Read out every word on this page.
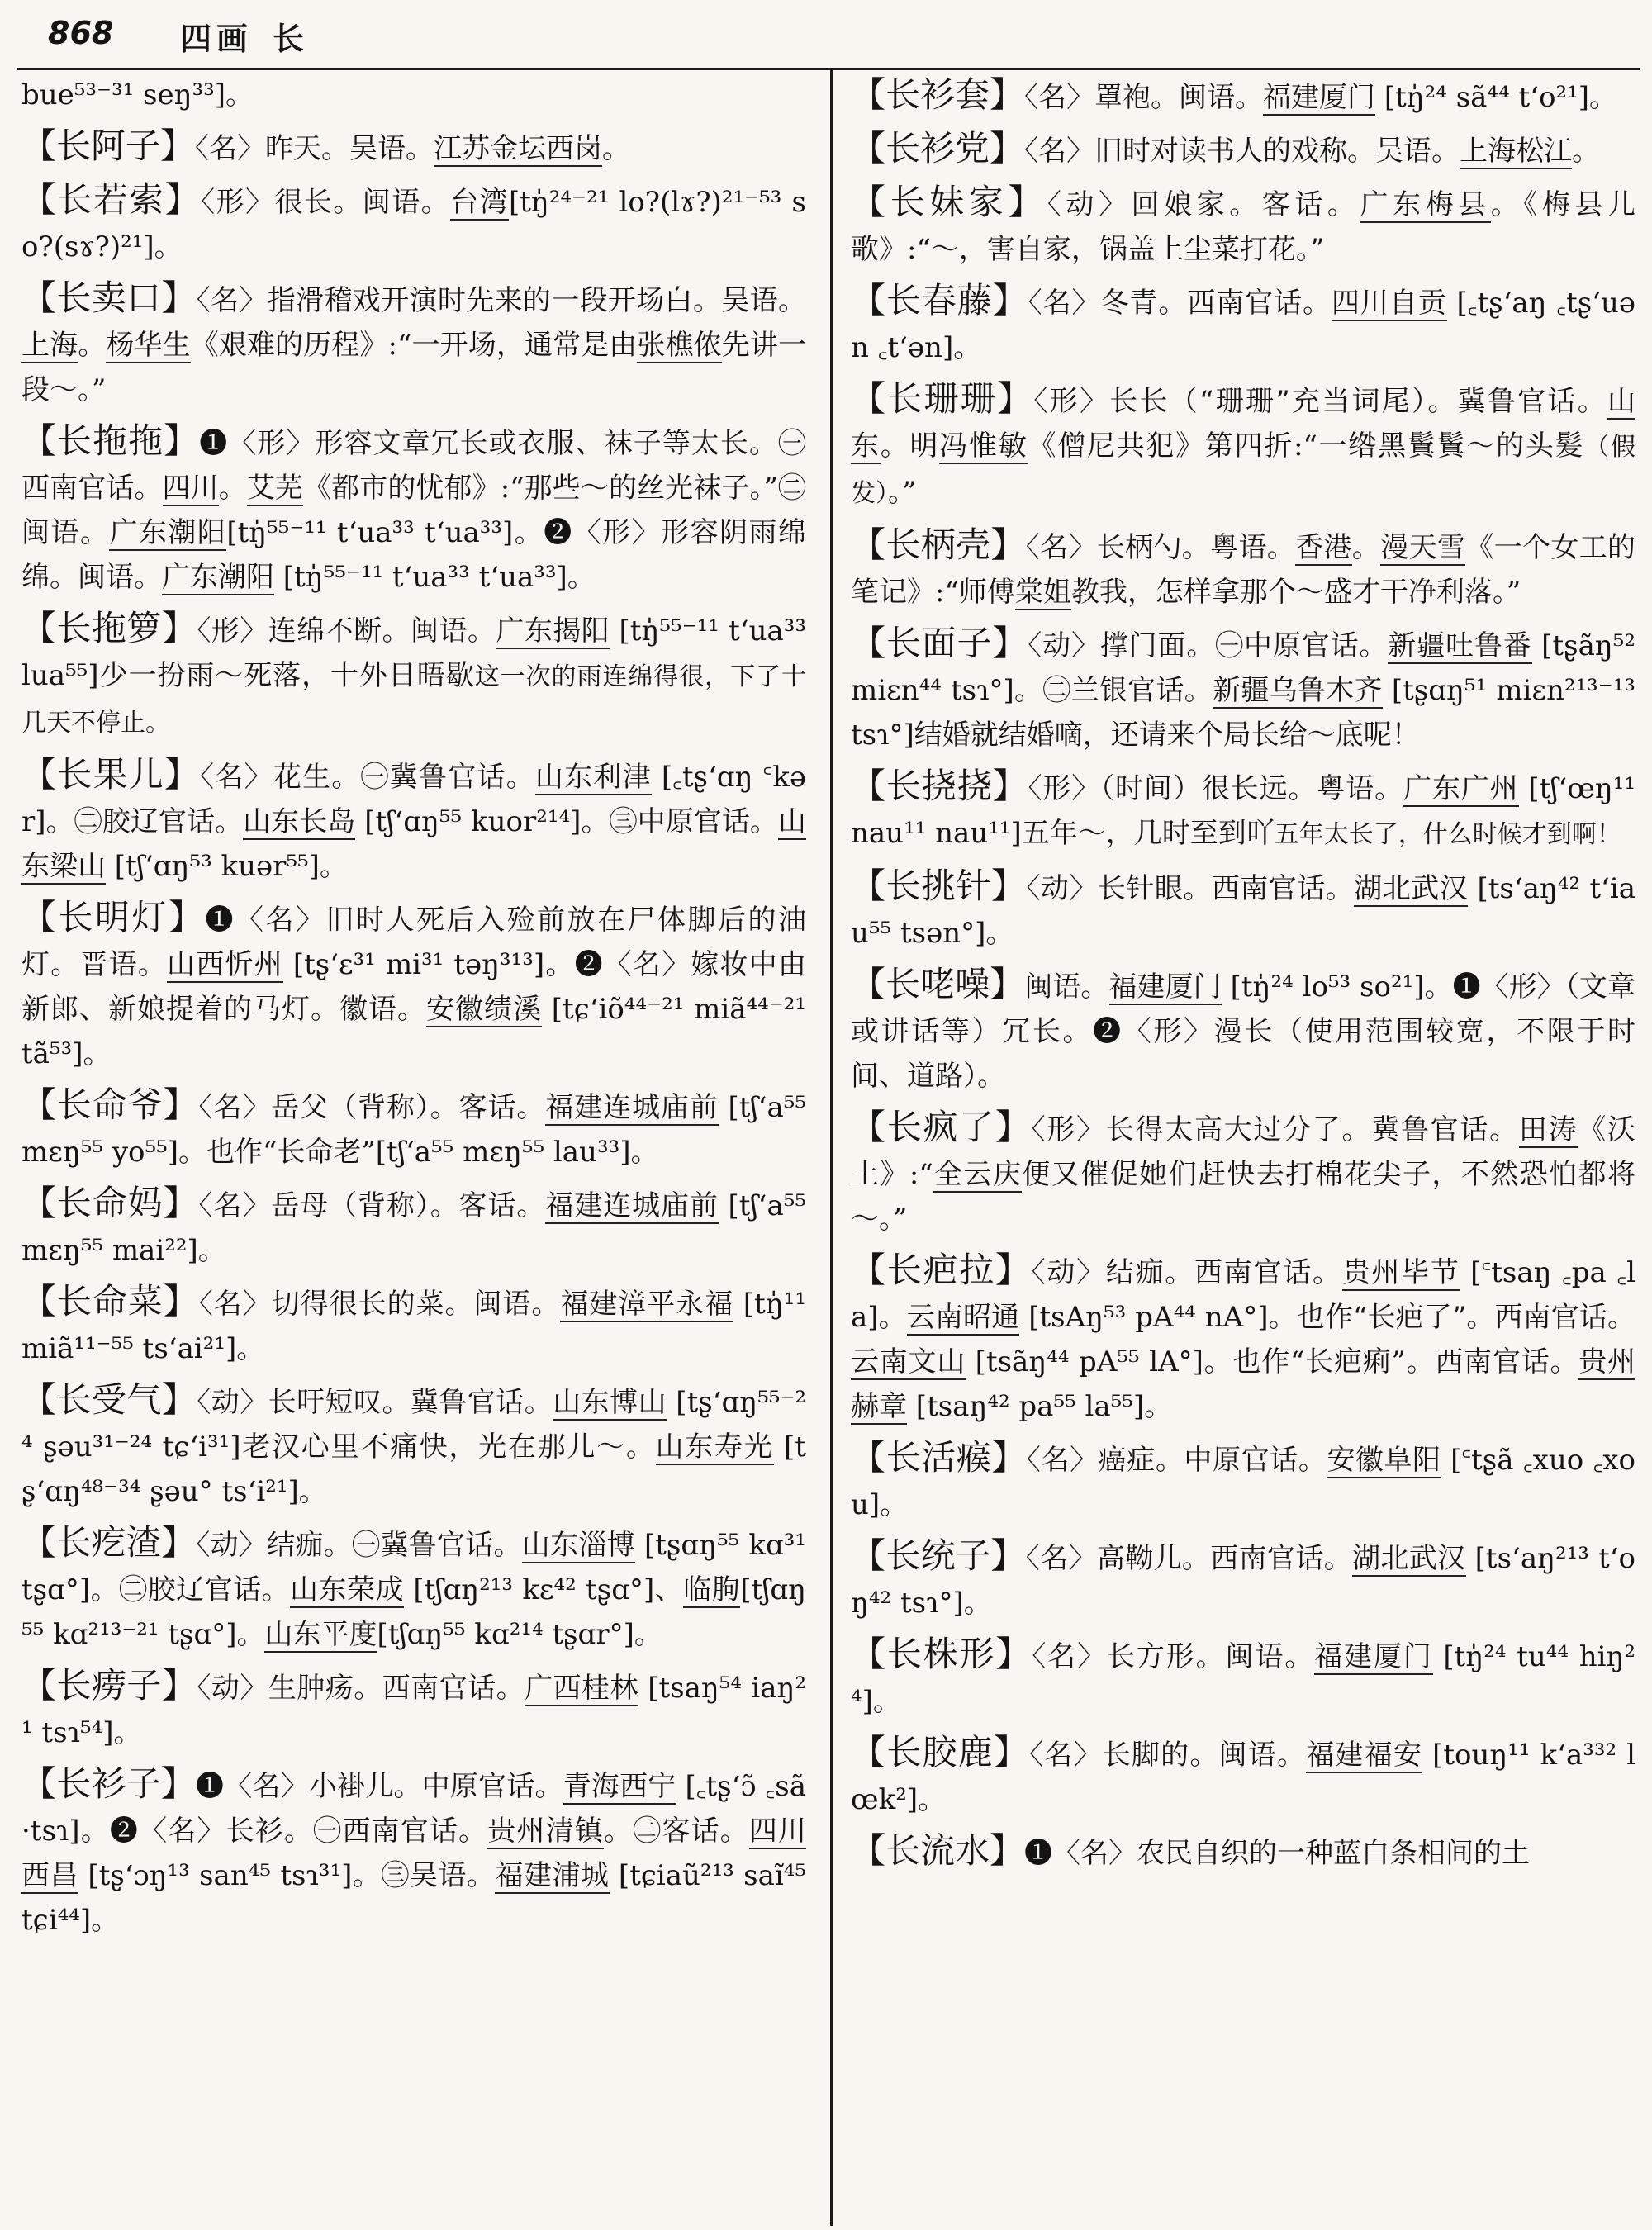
868 四画 长

bue⁵³⁻³¹ seŋ³³]。

【长阿子】〈名〉昨天。吴语。江苏金坛西岗。

【长若索】〈形〉很长。闽语。台湾[tŋ̍²⁴⁻²¹ lo?(lɤ?)²¹⁻⁵³ so?(sɤ?)²¹]。

【长卖口】〈名〉指滑稽戏开演时先来的一段开场白。吴语。上海。杨华生《艰难的历程》:“一开场，通常是由张樵侬先讲一段～。”

【长拖拖】❶〈形〉形容文章冗长或衣服、袜子等太长。㊀西南官话。四川。艾芜《都市的忧郁》:“那些～的丝光袜子。”㊁闽语。广东潮阳[tŋ̍⁵⁵⁻¹¹ t‘ua³³ t‘ua³³]。❷〈形〉形容阴雨绵绵。闽语。广东潮阳 [tŋ̍⁵⁵⁻¹¹ t‘ua³³ t‘ua³³]。

【长拖箩】〈形〉连绵不断。闽语。广东揭阳 [tŋ̍⁵⁵⁻¹¹ t‘ua³³ lua⁵⁵]少一扮雨～死落，十外日晤歇这一次的雨连绵得很，下了十几天不停止。

【长果儿】〈名〉花生。㊀冀鲁官话。山东利津 [꜀tʂ‘ɑŋ ꜂kər]。㊁胶辽官话。山东长岛 [tʃ‘ɑŋ⁵⁵ kuor²¹⁴]。㊂中原官话。山东梁山 [tʃ‘ɑŋ⁵³ kuər⁵⁵]。

【长明灯】❶〈名〉旧时人死后入殓前放在尸体脚后的油灯。晋语。山西忻州 [tʂ‘ɛ³¹ mi³¹ təŋ³¹³]。❷〈名〉嫁妆中由新郎、新娘提着的马灯。徽语。安徽绩溪 [tɕ‘iõ⁴⁴⁻²¹ miã⁴⁴⁻²¹ tã⁵³]。

【长命爷】〈名〉岳父（背称）。客话。福建连城庙前 [tʃ‘a⁵⁵ mɛŋ⁵⁵ yo⁵⁵]。也作“长命老”[tʃ‘a⁵⁵ mɛŋ⁵⁵ lau³³]。

【长命妈】〈名〉岳母（背称）。客话。福建连城庙前 [tʃ‘a⁵⁵ mɛŋ⁵⁵ mai²²]。

【长命菜】〈名〉切得很长的菜。闽语。福建漳平永福 [tŋ̍¹¹ miã¹¹⁻⁵⁵ ts‘ai²¹]。

【长受气】〈动〉长吁短叹。冀鲁官话。山东博山 [tʂ‘ɑŋ⁵⁵⁻²⁴ ʂəu³¹⁻²⁴ tɕ‘i³¹]老汉心里不痛快，光在那儿～。山东寿光 [tʂ‘ɑŋ⁴⁸⁻³⁴ ʂəu° ts‘i²¹]。

【长疙渣】〈动〉结痂。㊀冀鲁官话。山东淄博 [tʂɑŋ⁵⁵ kɑ³¹ tʂɑ°]。㊁胶辽官话。山东荣成 [tʃɑŋ²¹³ kɛ⁴² tʂɑ°]、临朐[tʃɑŋ⁵⁵ kɑ²¹³⁻²¹ tʂɑ°]。山东平度[tʃɑŋ⁵⁵ kɑ²¹⁴ tʂɑr°]。

【长痨子】〈动〉生肿疡。西南官话。广西桂林 [tsaŋ⁵⁴ iaŋ²¹ tsɿ⁵⁴]。

【长衫子】❶〈名〉小褂儿。中原官话。青海西宁 [꜀tʂ‘ɔ̃ ꜀sã ·tsɿ]。❷〈名〉长衫。㊀西南官话。贵州清镇。㊁客话。四川西昌 [tʂ‘ɔŋ¹³ san⁴⁵ tsɿ³¹]。㊂吴语。福建浦城 [tɕiaũ²¹³ saĩ⁴⁵ tɕi⁴⁴]。

【长衫套】〈名〉罩袍。闽语。福建厦门 [tŋ̍²⁴ sã⁴⁴ t‘o²¹]。

【长衫党】〈名〉旧时对读书人的戏称。吴语。上海松江。

【长妹家】〈动〉回娘家。客话。广东梅县。《梅县儿歌》:“～，害自家，锅盖上尘菜打花。”

【长春藤】〈名〉冬青。西南官话。四川自贡 [꜀tʂ‘aŋ ꜀tʂ‘uən ꜀t‘ən]。

【长珊珊】〈形〉长长（“珊珊”充当词尾）。冀鲁官话。山东。明冯惟敏《僧尼共犯》第四折:“一绺黑鬒鬒～的头髪（假发）。”

【长柄壳】〈名〉长柄勺。粤语。香港。漫天雪《一个女工的笔记》:“师傅棠姐教我，怎样拿那个～盛才干净利落。”

【长面子】〈动〉撑门面。㊀中原官话。新疆吐鲁番 [tʂãŋ⁵² miɛn⁴⁴ tsɿ°]。㊁兰银官话。新疆乌鲁木齐 [tʂɑŋ⁵¹ miɛn²¹³⁻¹³ tsɿ°]结婚就结婚嘀，还请来个局长给～底呢！

【长挠挠】〈形〉（时间）很长远。粤语。广东广州 [tʃ‘œŋ¹¹ nau¹¹ nau¹¹]五年～，几时至到吖五年太长了，什么时候才到啊！

【长挑针】〈动〉长针眼。西南官话。湖北武汉 [ts‘aŋ⁴² t‘iau⁵⁵ tsən°]。

【长咾噪】闽语。福建厦门 [tŋ̍²⁴ lo⁵³ so²¹]。❶〈形〉（文章或讲话等）冗长。❷〈形〉漫长（使用范围较宽，不限于时间、道路）。

【长疯了】〈形〉长得太高大过分了。冀鲁官话。田涛《沃土》:“全云庆便又催促她们赶快去打棉花尖子，不然恐怕都将～。”

【长疤拉】〈动〉结痂。西南官话。贵州毕节 [꜂tsaŋ ꜀pa ꜀la]。云南昭通 [tsAŋ⁵³ pA⁴⁴ nA°]。也作“长疤了”。西南官话。云南文山 [tsãŋ⁴⁴ pA⁵⁵ lA°]。也作“长疤痢”。西南官话。贵州赫章 [tsaŋ⁴² pa⁵⁵ la⁵⁵]。

【长活瘊】〈名〉癌症。中原官话。安徽阜阳 [꜂tʂã ꜀xuo ꜀xou]。

【长统子】〈名〉高靿儿。西南官话。湖北武汉 [ts‘aŋ²¹³ t‘oŋ⁴² tsɿ°]。

【长株形】〈名〉长方形。闽语。福建厦门 [tŋ̍²⁴ tu⁴⁴ hiŋ²⁴]。

【长胶鹿】〈名〉长脚的。闽语。福建福安 [touŋ¹¹ k‘a³³² lœk²]。

【长流水】❶〈名〉农民自织的一种蓝白条相间的土
